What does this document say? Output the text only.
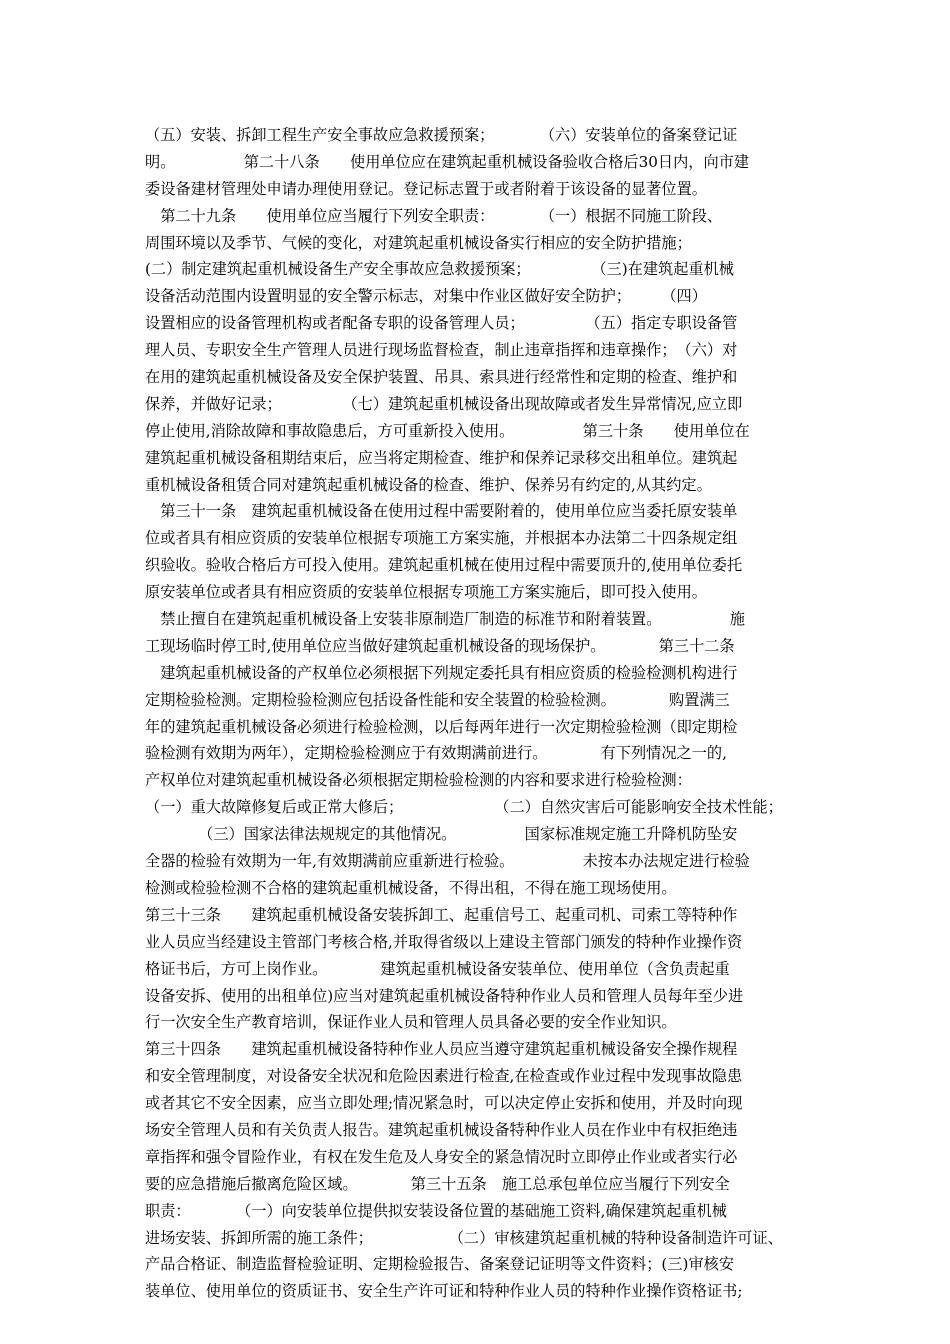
（五）安装、拆卸工程生产安全事故应急救援预案；　　　　（六）安装单位的备案登记证
明。　　　　　第二十八条　　使用单位应在建筑起重机械设备验收合格后30日内，向市建
委设备建材管理处申请办理使用登记。登记标志置于或者附着于该设备的显著位置。
　第二十九条　　使用单位应当履行下列安全职责：　　　　（一）根据不同施工阶段、
周围环境以及季节、气候的变化，对建筑起重机械设备实行相应的安全防护措施；
(二）制定建筑起重机械设备生产安全事故应急救援预案；　　　　　（三)在建筑起重机械
设备活动范围内设置明显的安全警示标志，对集中作业区做好安全防护；　　　（四）
设置相应的设备管理机构或者配备专职的设备管理人员；　　　　　（五）指定专职设备管
理人员、专职安全生产管理人员进行现场监督检查，制止违章指挥和违章操作；　（六）对
在用的建筑起重机械设备及安全保护装置、吊具、索具进行经常性和定期的检查、维护和
保养，并做好记录；　　　　　（七）建筑起重机械设备出现故障或者发生异常情况,应立即
停止使用,消除故障和事故隐患后，方可重新投入使用。　　　　　第三十条　　使用单位在
建筑起重机械设备租期结束后，应当将定期检查、维护和保养记录移交出租单位。建筑起
重机械设备租赁合同对建筑起重机械设备的检查、维护、保养另有约定的,从其约定。
　第三十一条　建筑起重机械设备在使用过程中需要附着的，使用单位应当委托原安装单
位或者具有相应资质的安装单位根据专项施工方案实施，并根据本办法第二十四条规定组
织验收。验收合格后方可投入使用。建筑起重机械在使用过程中需要顶升的,使用单位委托
原安装单位或者具有相应资质的安装单位根据专项施工方案实施后，即可投入使用。
　禁止擅自在建筑起重机械设备上安装非原制造厂制造的标准节和附着装置。　　　　　施
工现场临时停工时,使用单位应当做好建筑起重机械设备的现场保护。　　　　第三十二条
　建筑起重机械设备的产权单位必须根据下列规定委托具有相应资质的检验检测机构进行
定期检验检测。定期检验检测应包括设备性能和安全装置的检验检测。　　　　购置满三
年的建筑起重机械设备必须进行检验检测，以后每两年进行一次定期检验检测（即定期检
验检测有效期为两年），定期检验检测应于有效期满前进行。　　　　有下列情况之一的,
产权单位对建筑起重机械设备必须根据定期检验检测的内容和要求进行检验检测：
（一）重大故障修复后或正常大修后；　　　　　　　（二）自然灾害后可能影响安全技术性能；
　　　　（三）国家法律法规规定的其他情况。　　　　　国家标准规定施工升降机防坠安
全器的检验有效期为一年,有效期满前应重新进行检验。　　　　　未按本办法规定进行检验
检测或检验检测不合格的建筑起重机械设备，不得出租，不得在施工现场使用。
第三十三条　　建筑起重机械设备安装拆卸工、起重信号工、起重司机、司索工等特种作
业人员应当经建设主管部门考核合格,并取得省级以上建设主管部门颁发的特种作业操作资
格证书后，方可上岗作业。　　　　建筑起重机械设备安装单位、使用单位（含负责起重
设备安拆、使用的出租单位)应当对建筑起重机械设备特种作业人员和管理人员每年至少进
行一次安全生产教育培训，保证作业人员和管理人员具备必要的安全作业知识。
第三十四条　　建筑起重机械设备特种作业人员应当遵守建筑起重机械设备安全操作规程
和安全管理制度，对设备安全状况和危险因素进行检查,在检查或作业过程中发现事故隐患
或者其它不安全因素，应当立即处理;情况紧急时，可以决定停止安拆和使用，并及时向现
场安全管理人员和有关负责人报告。建筑起重机械设备特种作业人员在作业中有权拒绝违
章指挥和强令冒险作业，有权在发生危及人身安全的紧急情况时立即停止作业或者实行必
要的应急措施后撤离危险区域。　　　　第三十五条　施工总承包单位应当履行下列安全
职责：　　　　（一）向安装单位提供拟安装设备位置的基础施工资料,确保建筑起重机械
进场安装、拆卸所需的施工条件；　　　　　　（二）审核建筑起重机械的特种设备制造许可证、
产品合格证、制造监督检验证明、定期检验报告、备案登记证明等文件资料；(三)审核安
装单位、使用单位的资质证书、安全生产许可证和特种作业人员的特种作业操作资格证书;
